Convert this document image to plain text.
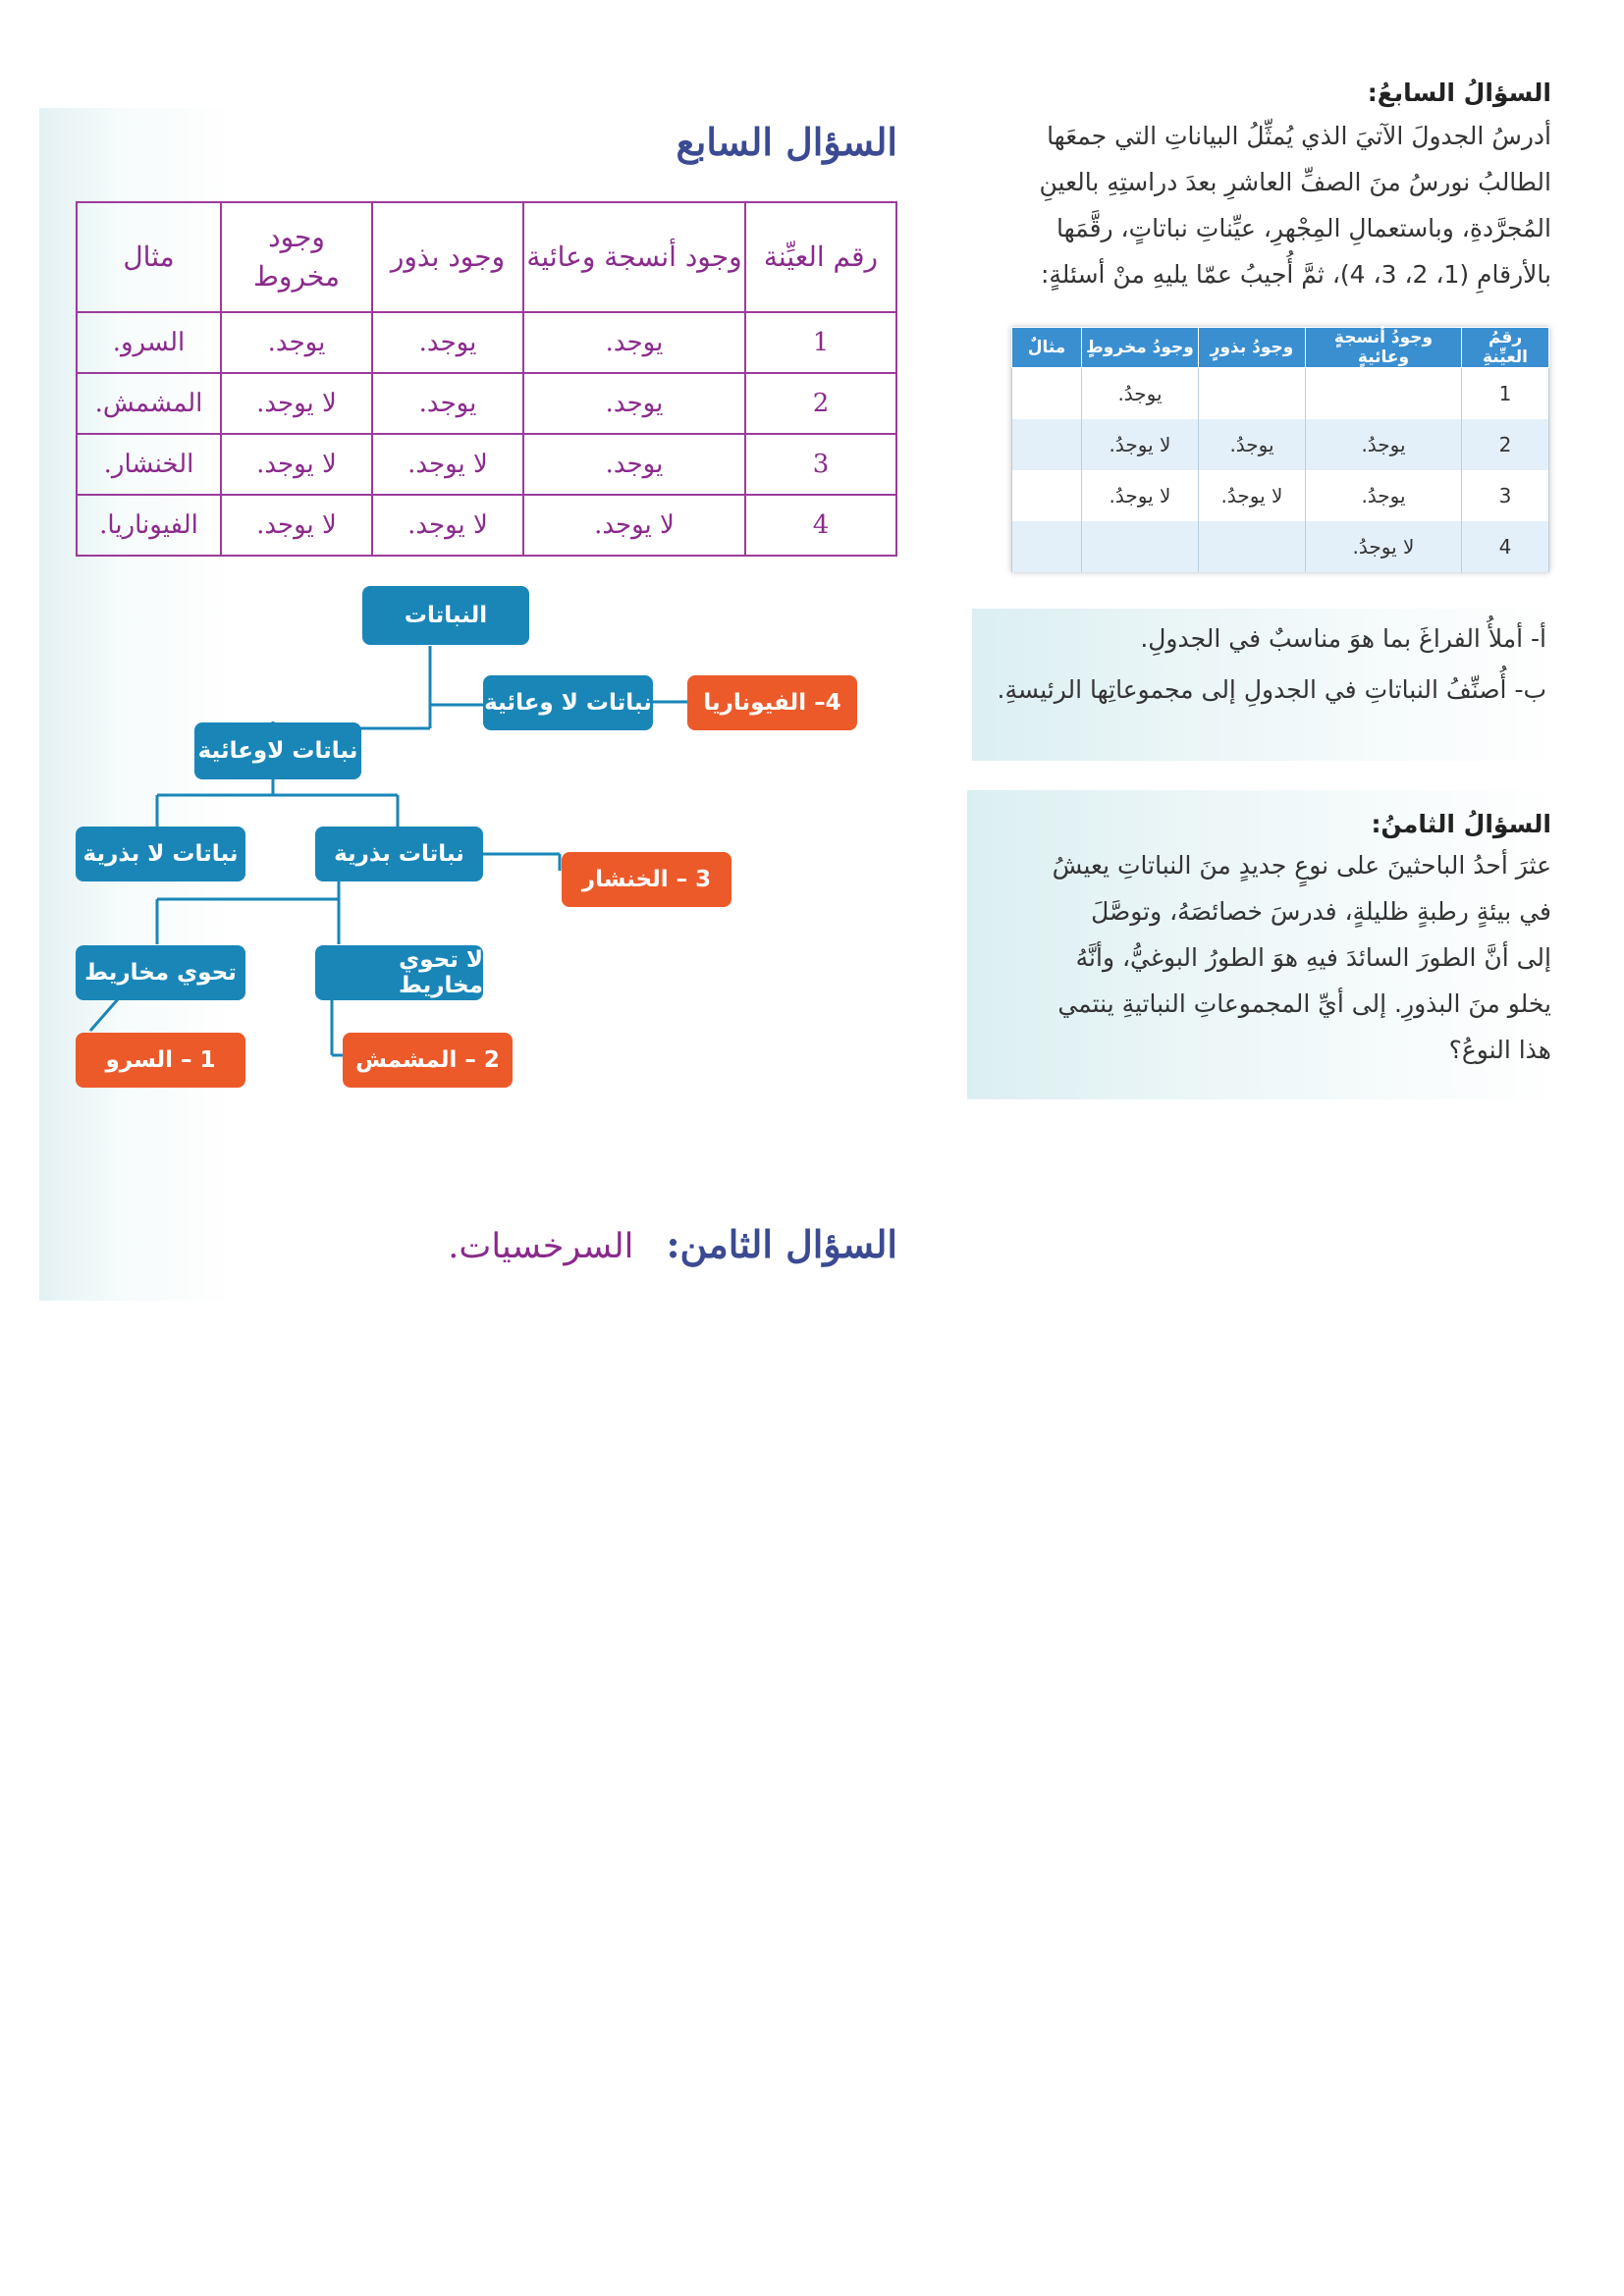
السؤالُ السابعُ:
أدرسُ الجدولَ الآتيَ الذي يُمثِّلُ البياناتِ التي جمعَها
الطالبُ نورسُ منَ الصفِّ العاشرِ بعدَ دراستِهِ بالعينِ
المُجرَّدةِ، وباستعمالِ المِجْهرِ، عيِّناتِ نباتاتٍ، رقَّمَها
بالأرقامِ (1، 2، 3، 4)، ثمَّ أُجيبُ عمّا يليهِ منْ أسئلةٍ:
رقمُ العيِّنةِ	وجودُ أنسجةٍ وعائيةٍ	وجودُ بذورٍ	وجودُ مخروطٍ	مثالٌ
1			يوجدُ.	
2	يوجدُ.	يوجدُ.	لا يوجدُ.	
3	يوجدُ.	لا يوجدُ.	لا يوجدُ.	
4	لا يوجدُ.			
أ- أملأُ الفراغَ بما هوَ مناسبٌ في الجدولِ.
ب- أُصنِّفُ النباتاتِ في الجدولِ إلى مجموعاتِها الرئيسةِ.
السؤالُ الثامنُ:
عثرَ أحدُ الباحثينَ على نوعٍ جديدٍ منَ النباتاتِ يعيشُ
في بيئةٍ رطبةٍ ظليلةٍ، فدرسَ خصائصَهُ، وتوصَّلَ
إلى أنَّ الطورَ السائدَ فيهِ هوَ الطورُ البوغيُّ، وأنَّهُ
يخلو منَ البذورِ. إلى أيِّ المجموعاتِ النباتيةِ ينتمي
هذا النوعُ؟
السؤال السابع
رقم العيِّنة	وجود أنسجة وعائية	وجود بذور	وجود مخروط	مثال
1	يوجد.	يوجد.	يوجد.	السرو.
2	يوجد.	يوجد.	لا يوجد.	المشمش.
3	يوجد.	لا يوجد.	لا يوجد.	الخنشار.
4	لا يوجد.	لا يوجد.	لا يوجد.	الفيوناريا.
النباتات
نباتات لا وعائية	4– الفيوناريا
نباتات لاوعائية
نباتات بذرية
نباتات لا بذرية
3 – الخنشار
لا تحوي مخاريط
تحوي مخاريط
2 – المشمش
1 – السرو
السؤال الثامن: السرخسيات.
